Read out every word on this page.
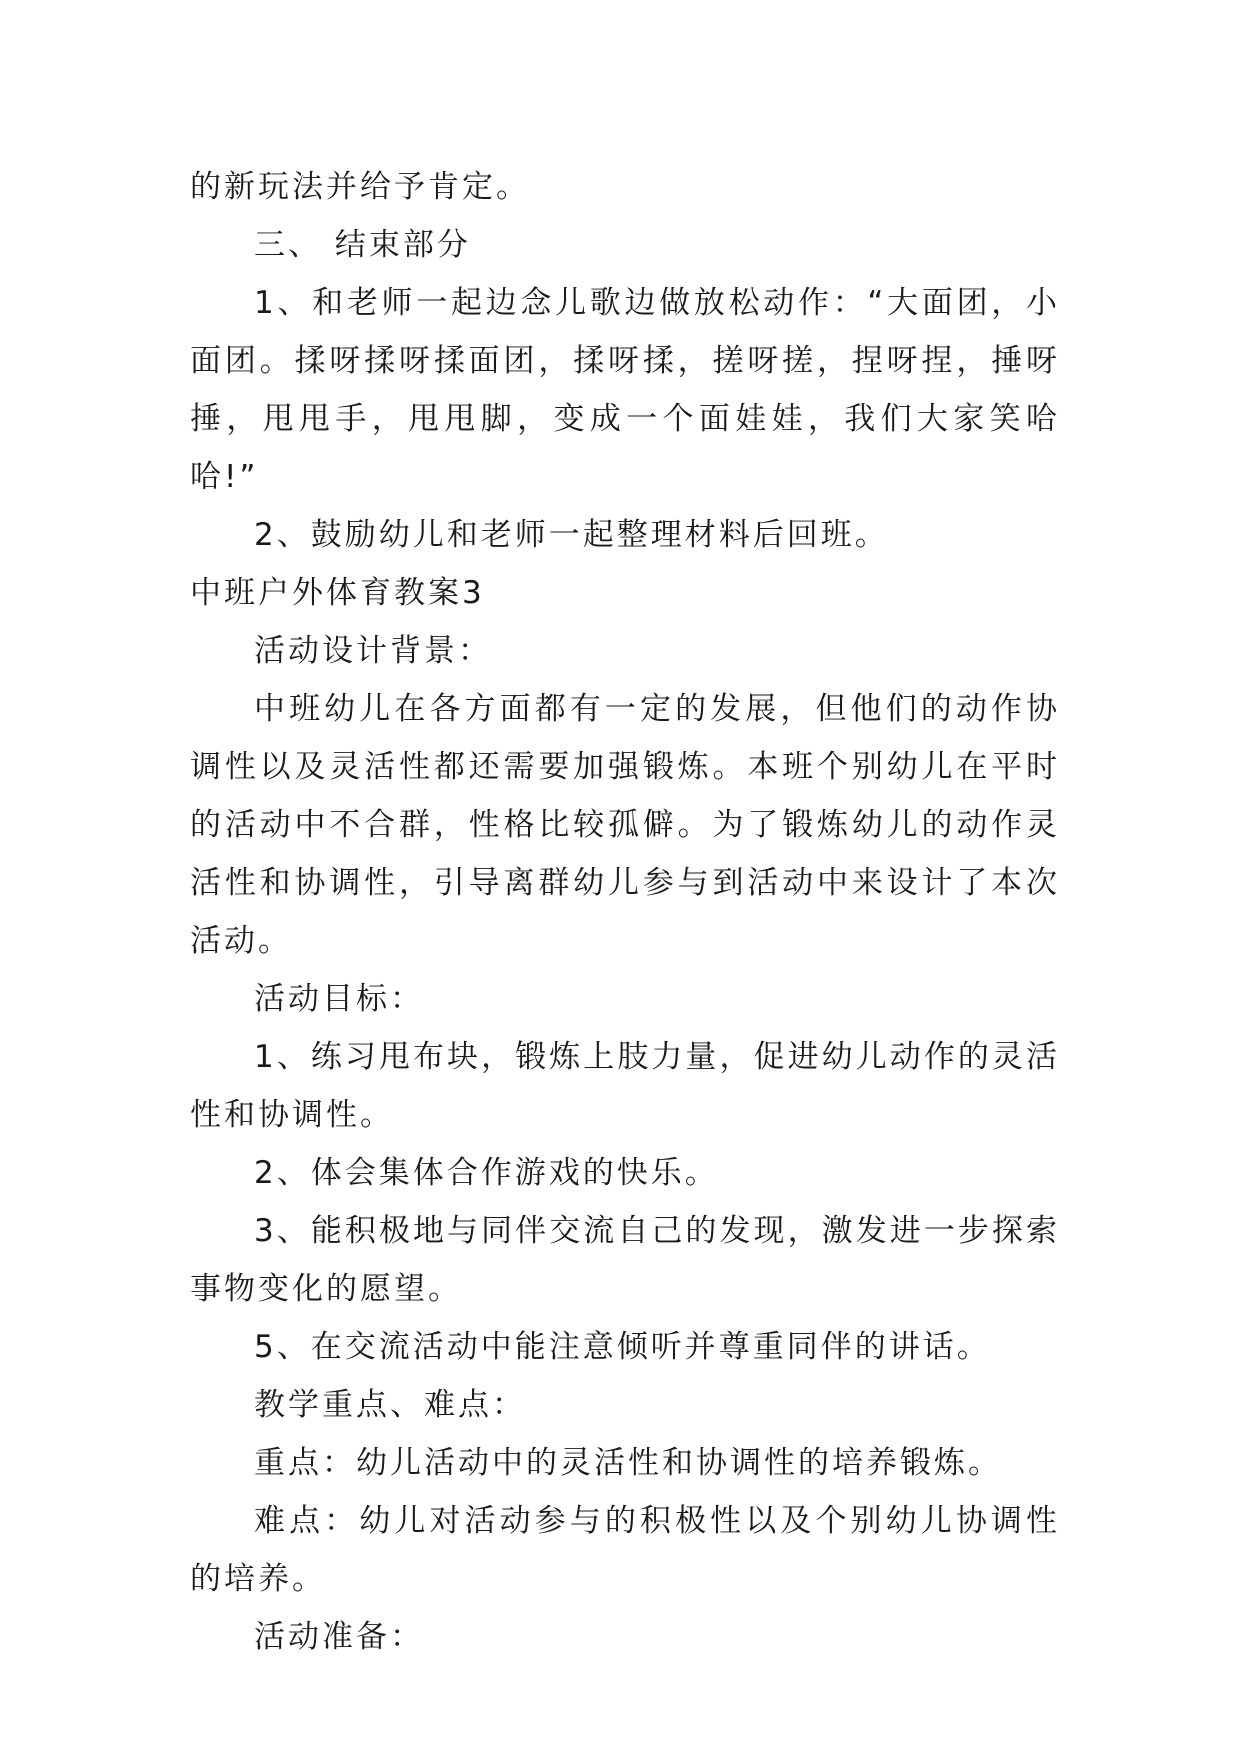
的新玩法并给予肯定。

三、 结束部分

1、和老师一起边念儿歌边做放松动作：“大面团，小面团。揉呀揉呀揉面团，揉呀揉，搓呀搓，捏呀捏，捶呀捶，甩甩手，甩甩脚，变成一个面娃娃，我们大家笑哈哈!”

2、鼓励幼儿和老师一起整理材料后回班。

中班户外体育教案3

活动设计背景：

中班幼儿在各方面都有一定的发展，但他们的动作协调性以及灵活性都还需要加强锻炼。本班个别幼儿在平时的活动中不合群，性格比较孤僻。为了锻炼幼儿的动作灵活性和协调性，引导离群幼儿参与到活动中来设计了本次活动。

活动目标：

1、练习甩布块，锻炼上肢力量，促进幼儿动作的灵活性和协调性。

2、体会集体合作游戏的快乐。

3、能积极地与同伴交流自己的发现，激发进一步探索事物变化的愿望。

5、在交流活动中能注意倾听并尊重同伴的讲话。

教学重点、难点：

重点：幼儿活动中的灵活性和协调性的培养锻炼。

难点：幼儿对活动参与的积极性以及个别幼儿协调性的培养。

活动准备：
